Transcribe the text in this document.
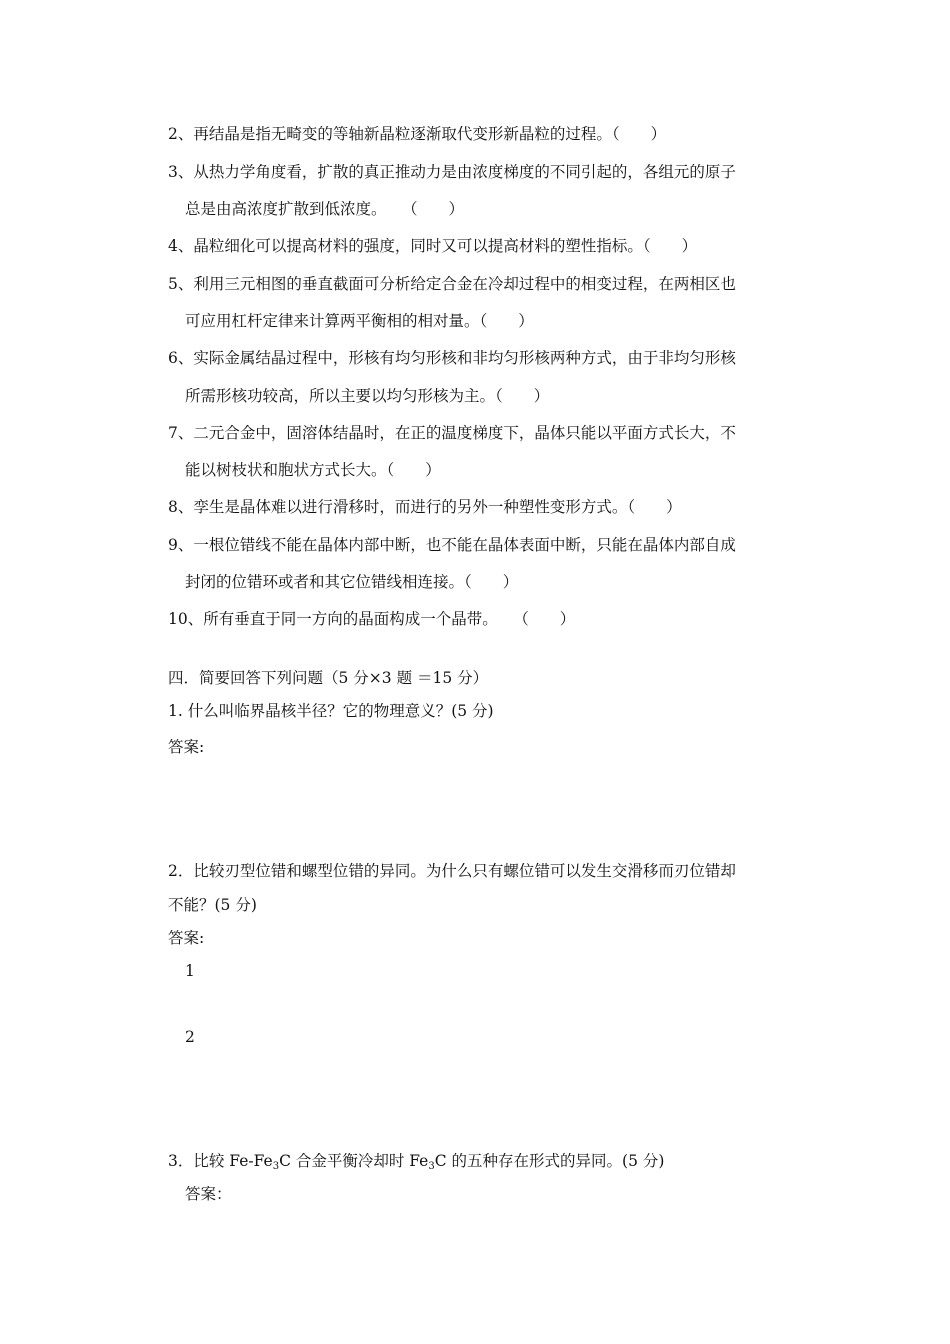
2、再结晶是指无畸变的等轴新晶粒逐渐取代变形新晶粒的过程。（　　）
3、从热力学角度看，扩散的真正推动力是由浓度梯度的不同引起的，各组元的原子
总是由高浓度扩散到低浓度。　　（　　）
4、晶粒细化可以提高材料的强度，同时又可以提高材料的塑性指标。（　　）
5、利用三元相图的垂直截面可分析给定合金在冷却过程中的相变过程，在两相区也
可应用杠杆定律来计算两平衡相的相对量。（　　）
6、实际金属结晶过程中，形核有均匀形核和非均匀形核两种方式，由于非均匀形核
所需形核功较高，所以主要以均匀形核为主。（　　）
7、二元合金中，固溶体结晶时，在正的温度梯度下，晶体只能以平面方式长大，不
能以树枝状和胞状方式长大。（　　）
8、孪生是晶体难以进行滑移时，而进行的另外一种塑性变形方式。（　　）
9、一根位错线不能在晶体内部中断，也不能在晶体表面中断，只能在晶体内部自成
封闭的位错环或者和其它位错线相连接。（　　）
10、所有垂直于同一方向的晶面构成一个晶带。　　（　　）
四．简要回答下列问题（5 分×3 题 ＝15 分）
1. 什么叫临界晶核半径？它的物理意义？(5 分)
答案:
2．比较刃型位错和螺型位错的异同。为什么只有螺位错可以发生交滑移而刃位错却
不能？(5 分)
答案:
1
2
3．比较 $Fe-Fe_3C$ 合金平衡冷却时 $Fe_3C$ 的五种存在形式的异同。(5 分)
答案：
